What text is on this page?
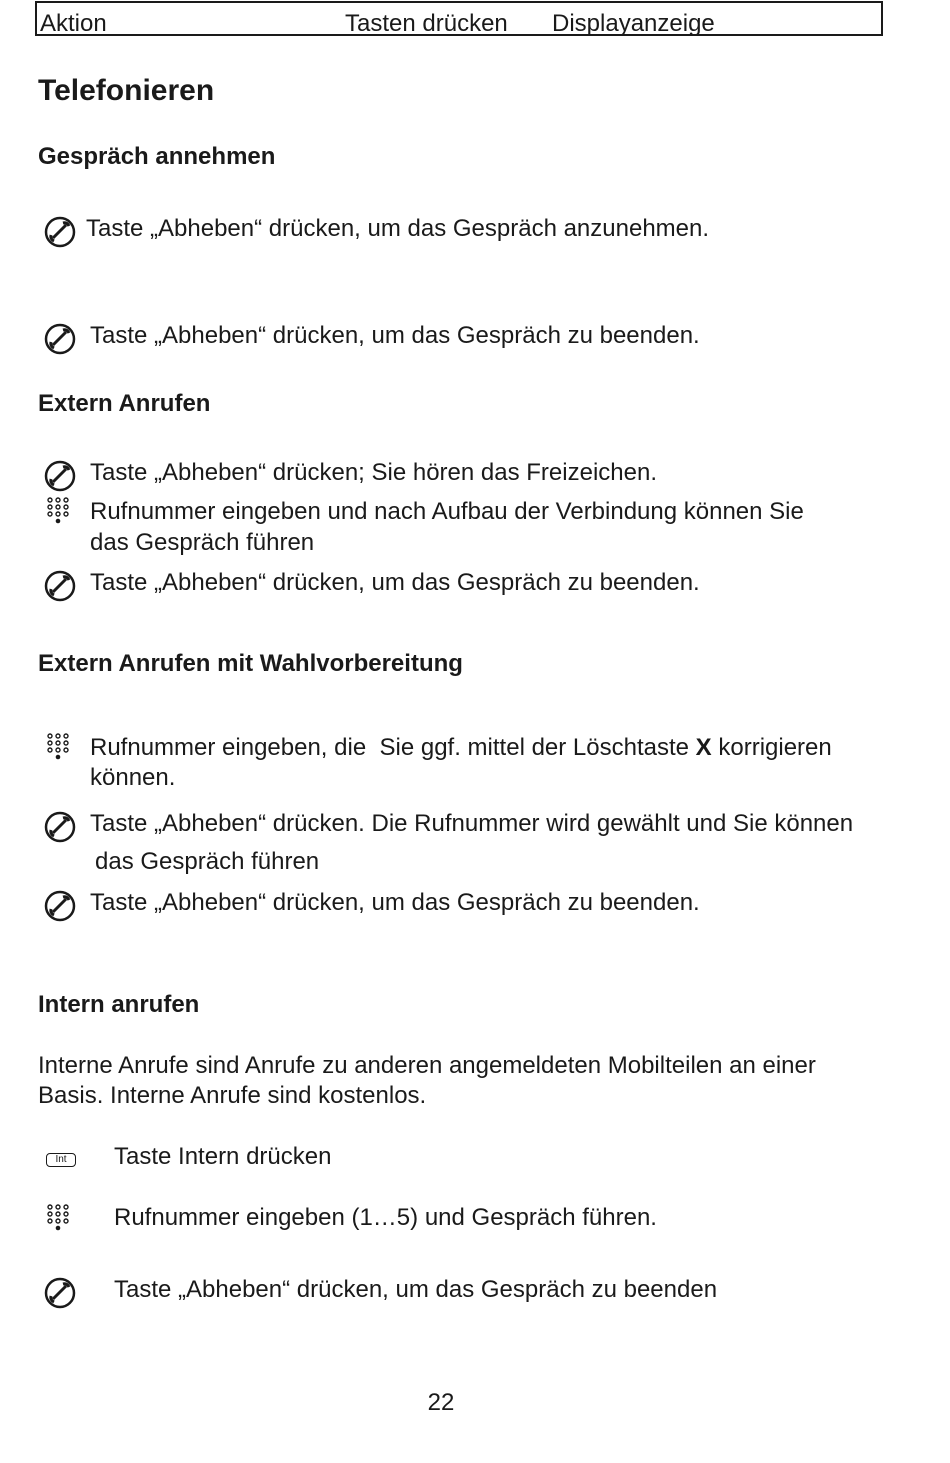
Aktion	Tasten drücken Displayanzeige
Telefonieren
Gespräch annehmen
Taste „Abheben“ drücken, um das Gespräch anzunehmen.
Taste „Abheben“ drücken, um das Gespräch zu beenden.
Extern Anrufen
Taste „Abheben“ drücken; Sie hören das Freizeichen.
Rufnummer eingeben und nach Aufbau der Verbindung können Sie
das Gespräch führen
Taste „Abheben“ drücken, um das Gespräch zu beenden.
Extern Anrufen mit Wahlvorbereitung
Rufnummer eingeben, die  Sie ggf. mittel der Löschtaste X korrigieren
können.
Taste „Abheben“ drücken. Die Rufnummer wird gewählt und Sie können
das Gespräch führen
Taste „Abheben“ drücken, um das Gespräch zu beenden.
Intern anrufen
Interne Anrufe sind Anrufe zu anderen angemeldeten Mobilteilen an einer
Basis. Interne Anrufe sind kostenlos.
Int	Taste Intern drücken
Rufnummer eingeben (1…5) und Gespräch führen.
Taste „Abheben“ drücken, um das Gespräch zu beenden
22
